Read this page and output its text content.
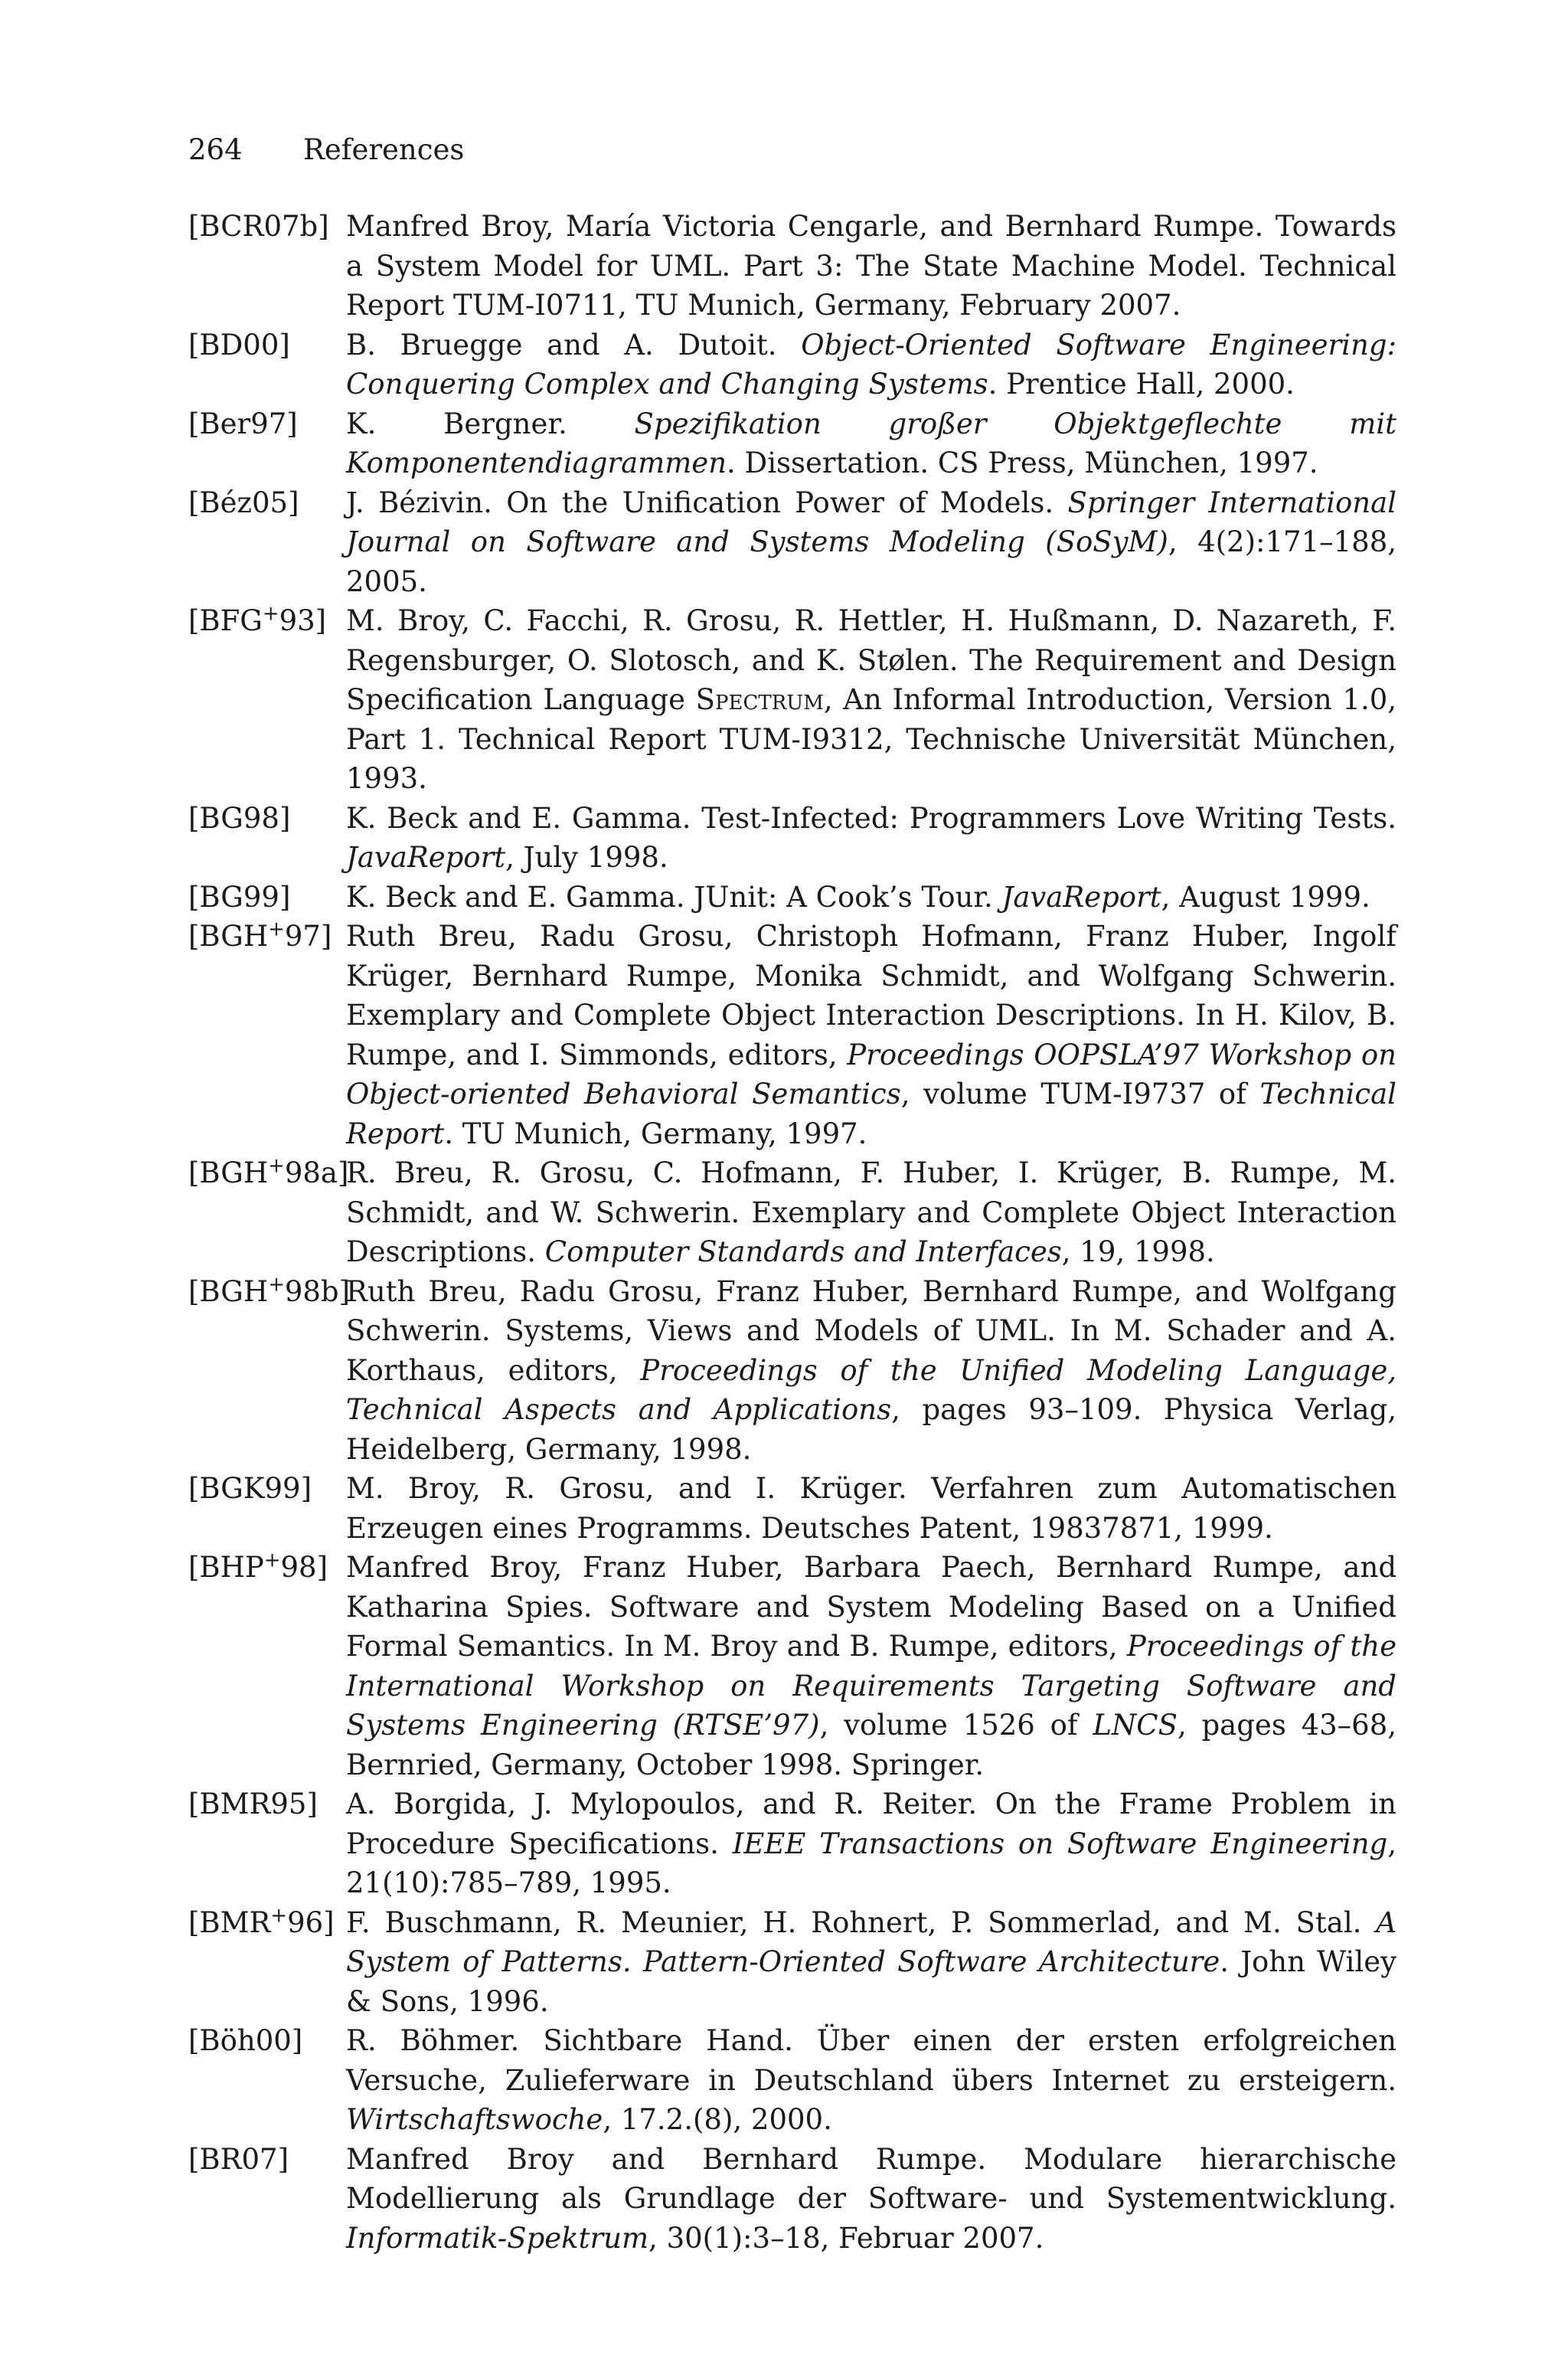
264 References
[BCR07b] Manfred Broy, María Victoria Cengarle, and Bernhard Rumpe. Towards a System Model for UML. Part 3: The State Machine Model. Technical Report TUM-I0711, TU Munich, Germany, February 2007.
[BD00] B. Bruegge and A. Dutoit. Object-Oriented Software Engineering: Conquering Complex and Changing Systems. Prentice Hall, 2000.
[Ber97] K. Bergner. Spezifikation großer Objektgeflechte mit Komponentendiagrammen. Dissertation. CS Press, München, 1997.
[Béz05] J. Bézivin. On the Unification Power of Models. Springer International Journal on Software and Systems Modeling (SoSyM), 4(2):171–188, 2005.
[BFG+93] M. Broy, C. Facchi, R. Grosu, R. Hettler, H. Hußmann, D. Nazareth, F. Regensburger, O. Slotosch, and K. Stølen. The Requirement and Design Specification Language Spectrum, An Informal Introduction, Version 1.0, Part 1. Technical Report TUM-I9312, Technische Universität München, 1993.
[BG98] K. Beck and E. Gamma. Test-Infected: Programmers Love Writing Tests. JavaReport, July 1998.
[BG99] K. Beck and E. Gamma. JUnit: A Cook’s Tour. JavaReport, August 1999.
[BGH+97] Ruth Breu, Radu Grosu, Christoph Hofmann, Franz Huber, Ingolf Krüger, Bernhard Rumpe, Monika Schmidt, and Wolfgang Schwerin. Exemplary and Complete Object Interaction Descriptions. In H. Kilov, B. Rumpe, and I. Simmonds, editors, Proceedings OOPSLA’97 Workshop on Object-oriented Behavioral Semantics, volume TUM-I9737 of Technical Report. TU Munich, Germany, 1997.
[BGH+98a]
R. Breu, R. Grosu, C. Hofmann, F. Huber, I. Krüger, B. Rumpe, M. Schmidt, and W. Schwerin. Exemplary and Complete Object Interaction Descriptions. Computer Standards and Interfaces, 19, 1998.
[BGH+98b]
Ruth Breu, Radu Grosu, Franz Huber, Bernhard Rumpe, and Wolfgang Schwerin. Systems, Views and Models of UML. In M. Schader and A. Korthaus, editors, Proceedings of the Unified Modeling Language, Technical Aspects and Applications, pages 93–109. Physica Verlag, Heidelberg, Germany, 1998.
[BGK99] M. Broy, R. Grosu, and I. Krüger. Verfahren zum Automatischen Erzeugen eines Programms. Deutsches Patent, 19837871, 1999.
[BHP+98] Manfred Broy, Franz Huber, Barbara Paech, Bernhard Rumpe, and Katharina Spies. Software and System Modeling Based on a Unified Formal Semantics. In M. Broy and B. Rumpe, editors, Proceedings of the International Workshop on Requirements Targeting Software and Systems Engineering (RTSE’97), volume 1526 of LNCS, pages 43–68, Bernried, Germany, October 1998. Springer.
[BMR95] A. Borgida, J. Mylopoulos, and R. Reiter. On the Frame Problem in Procedure Specifications. IEEE Transactions on Software Engineering, 21(10):785–789, 1995.
[BMR+96] F. Buschmann, R. Meunier, H. Rohnert, P. Sommerlad, and M. Stal. A System of Patterns. Pattern-Oriented Software Architecture. John Wiley & Sons, 1996.
[Böh00] R. Böhmer. Sichtbare Hand. Über einen der ersten erfolgreichen Versuche, Zulieferware in Deutschland übers Internet zu ersteigern. Wirtschaftswoche, 17.2.(8), 2000.
[BR07] Manfred Broy and Bernhard Rumpe. Modulare hierarchische Modellierung als Grundlage der Software- und Systementwicklung. Informatik-Spektrum, 30(1):3–18, Februar 2007.
